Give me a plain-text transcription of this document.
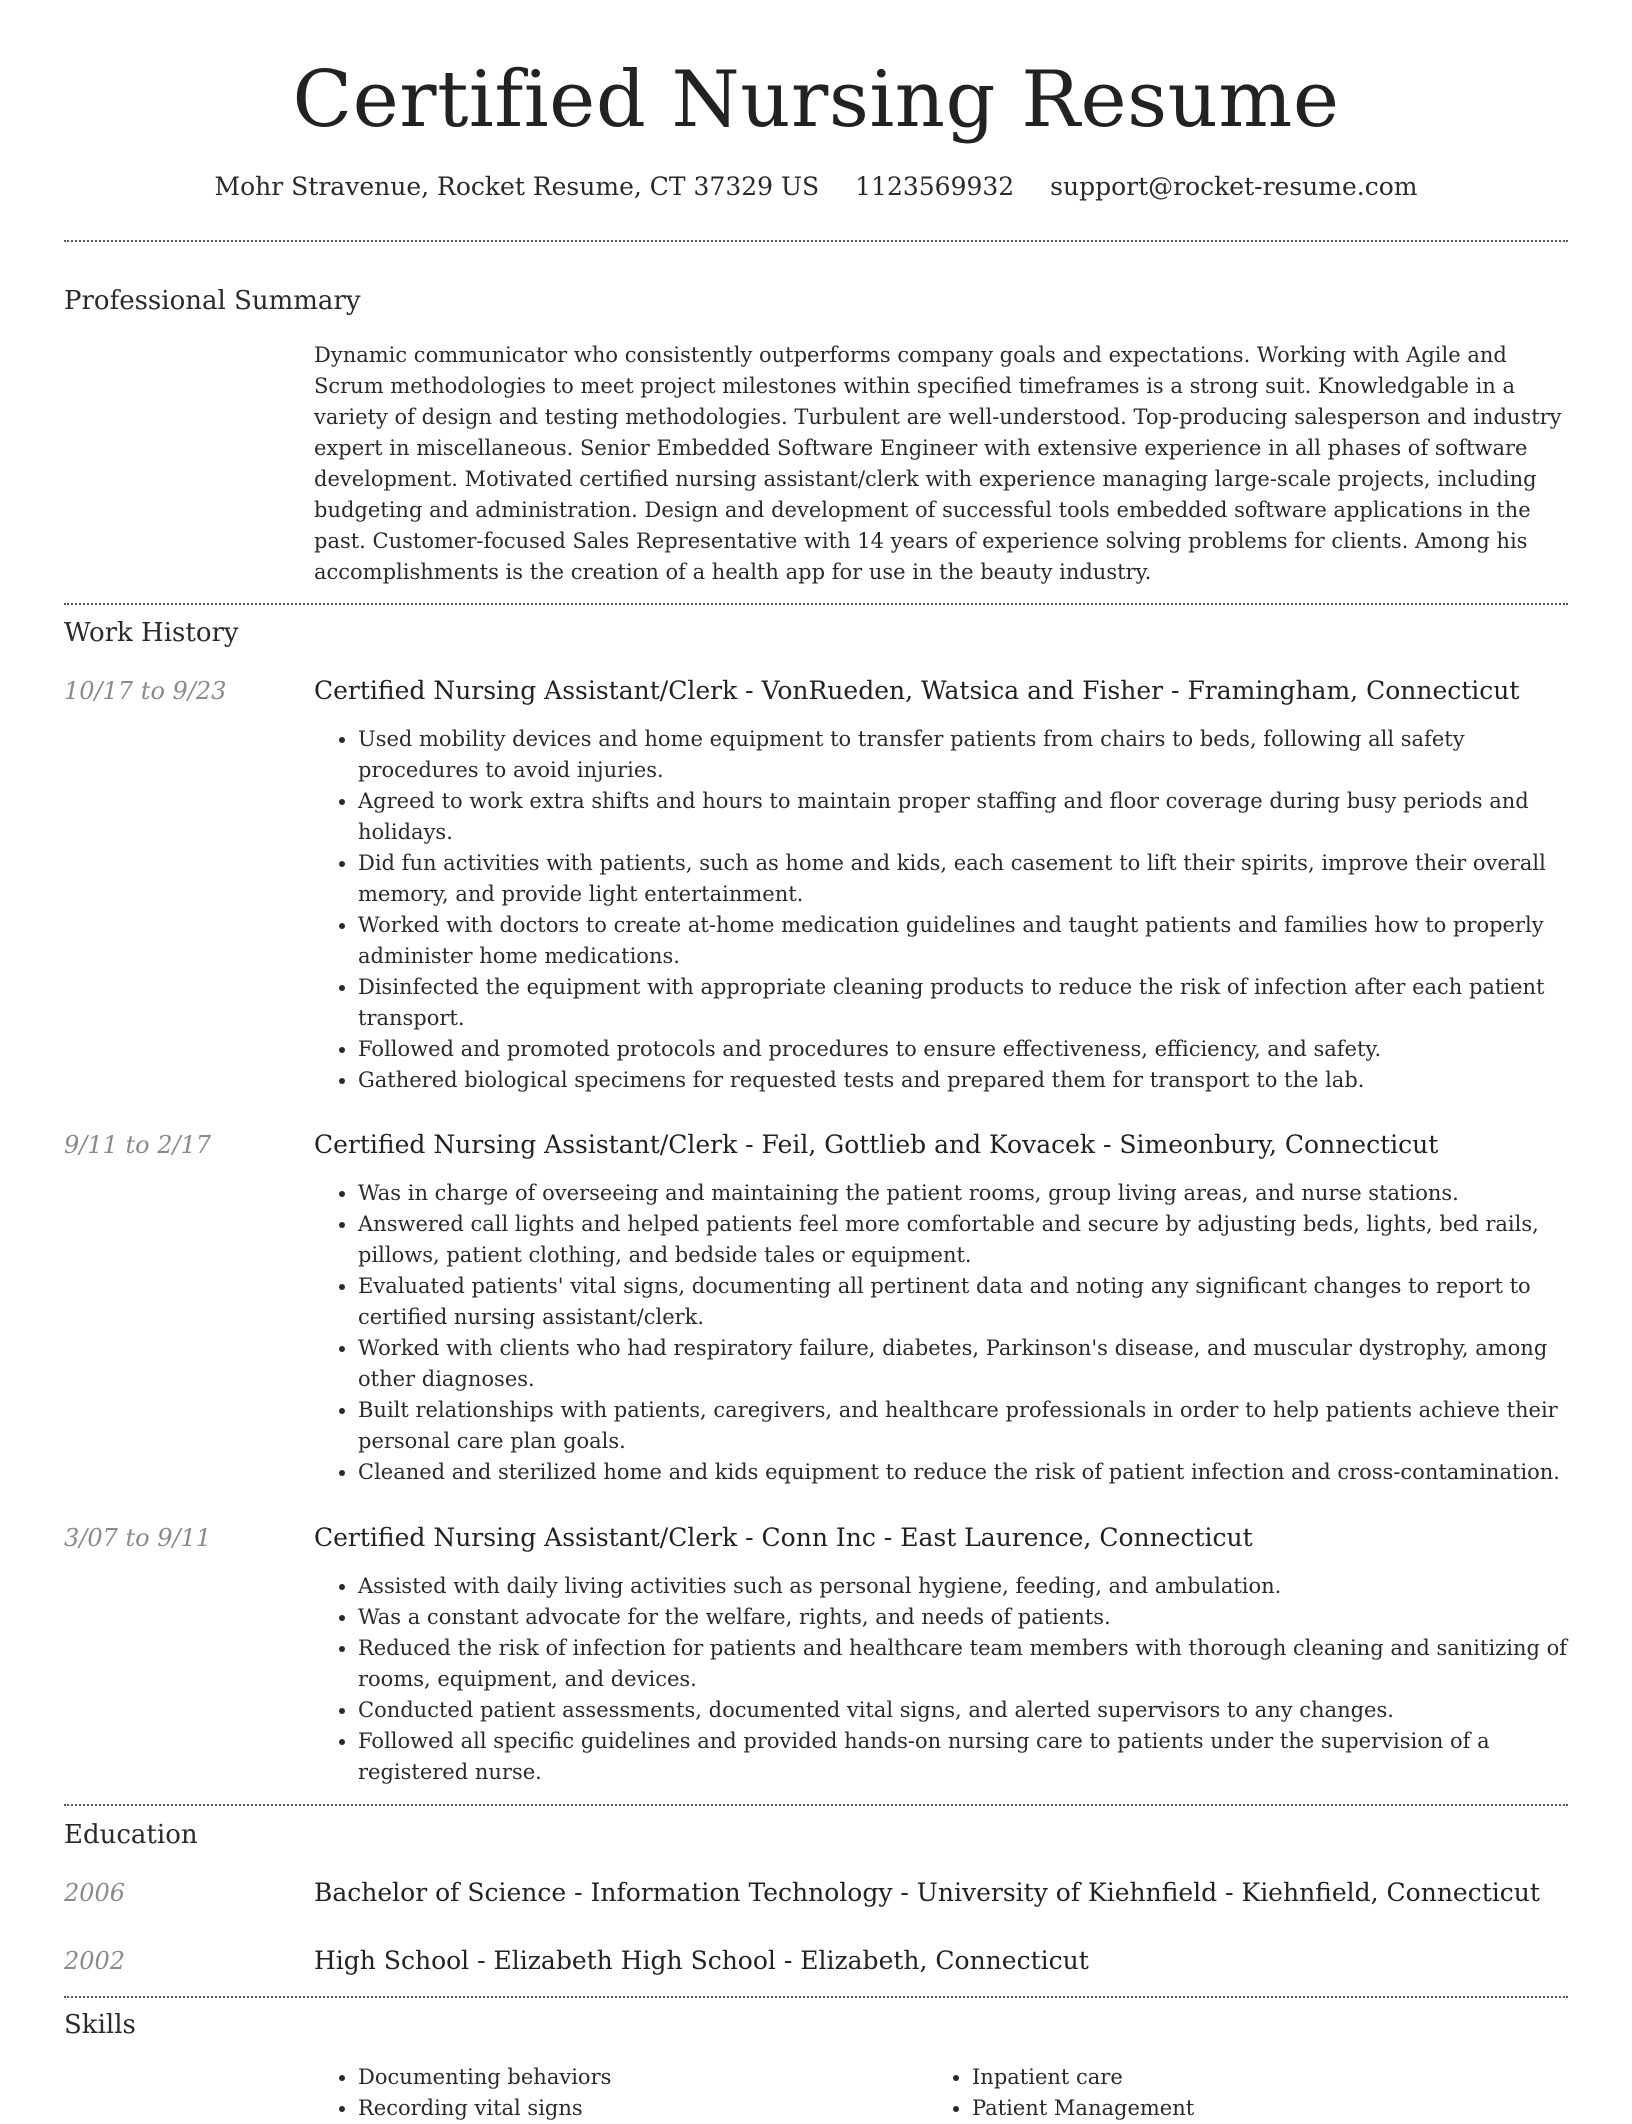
Certified Nursing Resume
Mohr Stravenue, Rocket Resume, CT 37329 US 1123569932 support@rocket-resume.com
Professional Summary
Dynamic communicator who consistently outperforms company goals and expectations. Working with Agile and Scrum methodologies to meet project milestones within specified timeframes is a strong suit. Knowledgable in a variety of design and testing methodologies. Turbulent are well-understood. Top-producing salesperson and industry expert in miscellaneous. Senior Embedded Software Engineer with extensive experience in all phases of software development. Motivated certified nursing assistant/clerk with experience managing large-scale projects, including budgeting and administration. Design and development of successful tools embedded software applications in the past. Customer-focused Sales Representative with 14 years of experience solving problems for clients. Among his accomplishments is the creation of a health app for use in the beauty industry.
Work History
10/17 to 9/23	Certified Nursing Assistant/Clerk - VonRueden, Watsica and Fisher - Framingham, Connecticut
• Used mobility devices and home equipment to transfer patients from chairs to beds, following all safety procedures to avoid injuries.
• Agreed to work extra shifts and hours to maintain proper staffing and floor coverage during busy periods and holidays.
• Did fun activities with patients, such as home and kids, each casement to lift their spirits, improve their overall memory, and provide light entertainment.
• Worked with doctors to create at-home medication guidelines and taught patients and families how to properly administer home medications.
• Disinfected the equipment with appropriate cleaning products to reduce the risk of infection after each patient transport.
• Followed and promoted protocols and procedures to ensure effectiveness, efficiency, and safety.
• Gathered biological specimens for requested tests and prepared them for transport to the lab.
9/11 to 2/17	Certified Nursing Assistant/Clerk - Feil, Gottlieb and Kovacek - Simeonbury, Connecticut
• Was in charge of overseeing and maintaining the patient rooms, group living areas, and nurse stations.
• Answered call lights and helped patients feel more comfortable and secure by adjusting beds, lights, bed rails, pillows, patient clothing, and bedside tales or equipment.
• Evaluated patients' vital signs, documenting all pertinent data and noting any significant changes to report to certified nursing assistant/clerk.
• Worked with clients who had respiratory failure, diabetes, Parkinson's disease, and muscular dystrophy, among other diagnoses.
• Built relationships with patients, caregivers, and healthcare professionals in order to help patients achieve their personal care plan goals.
• Cleaned and sterilized home and kids equipment to reduce the risk of patient infection and cross-contamination.
3/07 to 9/11	Certified Nursing Assistant/Clerk - Conn Inc - East Laurence, Connecticut
• Assisted with daily living activities such as personal hygiene, feeding, and ambulation.
• Was a constant advocate for the welfare, rights, and needs of patients.
• Reduced the risk of infection for patients and healthcare team members with thorough cleaning and sanitizing of rooms, equipment, and devices.
• Conducted patient assessments, documented vital signs, and alerted supervisors to any changes.
• Followed all specific guidelines and provided hands-on nursing care to patients under the supervision of a registered nurse.
Education
2006	Bachelor of Science - Information Technology - University of Kiehnfield - Kiehnfield, Connecticut
2002	High School - Elizabeth High School - Elizabeth, Connecticut
Skills
• Documenting behaviors
• Recording vital signs
• Inpatient care
• Patient Management
